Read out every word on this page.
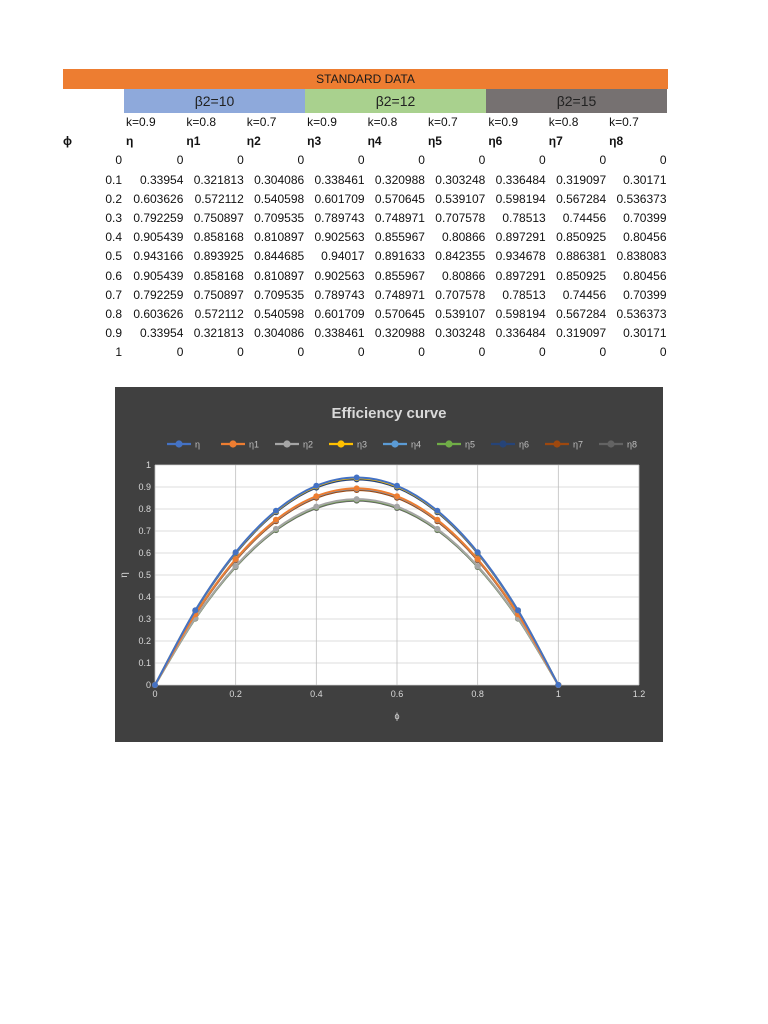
STANDARD DATA
β2=10	β2=12	β2=15
k=0.9	k=0.8	k=0.7	k=0.9	k=0.8	k=0.7	k=0.9	k=0.8	k=0.7
ϕ	η	η1	η2	η3	η4	η5	η6	η7	η8
0	0	0	0	0	0	0	0	0	0
0.1	0.33954 0.321813 0.304086 0.338461 0.320988 0.303248 0.336484 0.319097	0.30171
0.2 0.603626 0.572112 0.540598 0.601709 0.570645 0.539107 0.598194 0.567284 0.536373
0.3 0.792259 0.750897 0.709535 0.789743 0.748971 0.707578	0.78513	0.74456	0.70399
0.4 0.905439 0.858168 0.810897 0.902563 0.855967	0.80866 0.897291 0.850925	0.80456
0.5 0.943166 0.893925 0.844685	0.94017 0.891633 0.842355 0.934678 0.886381 0.838083
0.6 0.905439 0.858168 0.810897 0.902563 0.855967	0.80866 0.897291 0.850925	0.80456
0.7 0.792259 0.750897 0.709535 0.789743 0.748971 0.707578	0.78513	0.74456	0.70399
0.8 0.603626 0.572112 0.540598 0.601709 0.570645 0.539107 0.598194 0.567284 0.536373
0.9	0.33954 0.321813 0.304086 0.338461 0.320988 0.303248 0.336484 0.319097	0.30171
1	0	0	0	0	0	0	0	0	0
Efficiency curve
η	η1	η2	η3	η4	η5	η6	η7	η8
0
0.1
0.2
0.3
0.4
0.5
0.6
0.7
0.8
0.9
1
0	0.2	0.4	0.6	0.8	1	1.2
ϕ
η
